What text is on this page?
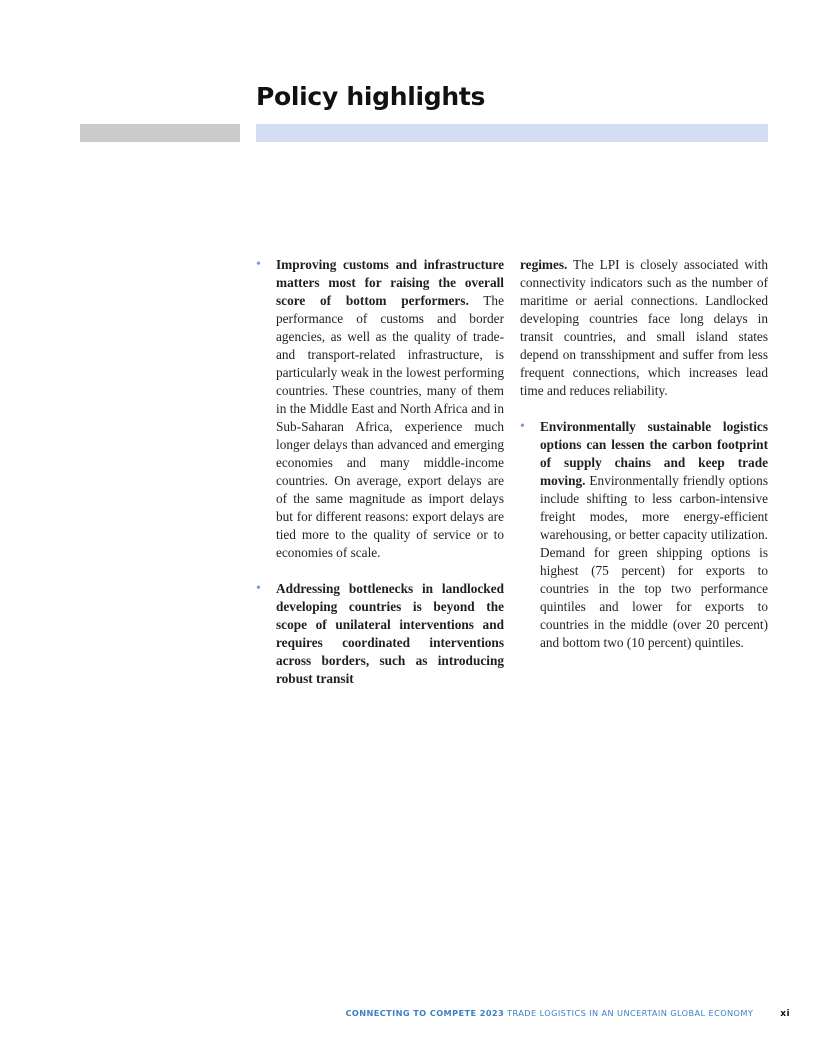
Policy highlights

• Improving customs and infrastructure matters most for raising the overall score of bottom performers. The performance of customs and border agencies, as well as the quality of trade- and transport-related infrastructure, is particularly weak in the lowest performing countries. These countries, many of them in the Middle East and North Africa and in Sub-Saharan Africa, experience much longer delays than advanced and emerging economies and many middle-income countries. On average, export delays are of the same magnitude as import delays but for different reasons: export delays are tied more to the quality of service or to economies of scale.

• Addressing bottlenecks in landlocked developing countries is beyond the scope of unilateral interventions and requires coordinated interventions across borders, such as introducing robust transit

regimes. The LPI is closely associated with connectivity indicators such as the number of maritime or aerial connections. Landlocked developing countries face long delays in transit countries, and small island states depend on transshipment and suffer from less frequent connections, which increases lead time and reduces reliability.

• Environmentally sustainable logistics options can lessen the carbon footprint of supply chains and keep trade moving. Environmentally friendly options include shifting to less carbon-intensive freight modes, more energy-efficient warehousing, or better capacity utilization. Demand for green shipping options is highest (75 percent) for exports to countries in the top two performance quintiles and lower for exports to countries in the middle (over 20 percent) and bottom two (10 percent) quintiles.

CONNECTING TO COMPETE 2023 TRADE LOGISTICS IN AN UNCERTAIN GLOBAL ECONOMY	xi
